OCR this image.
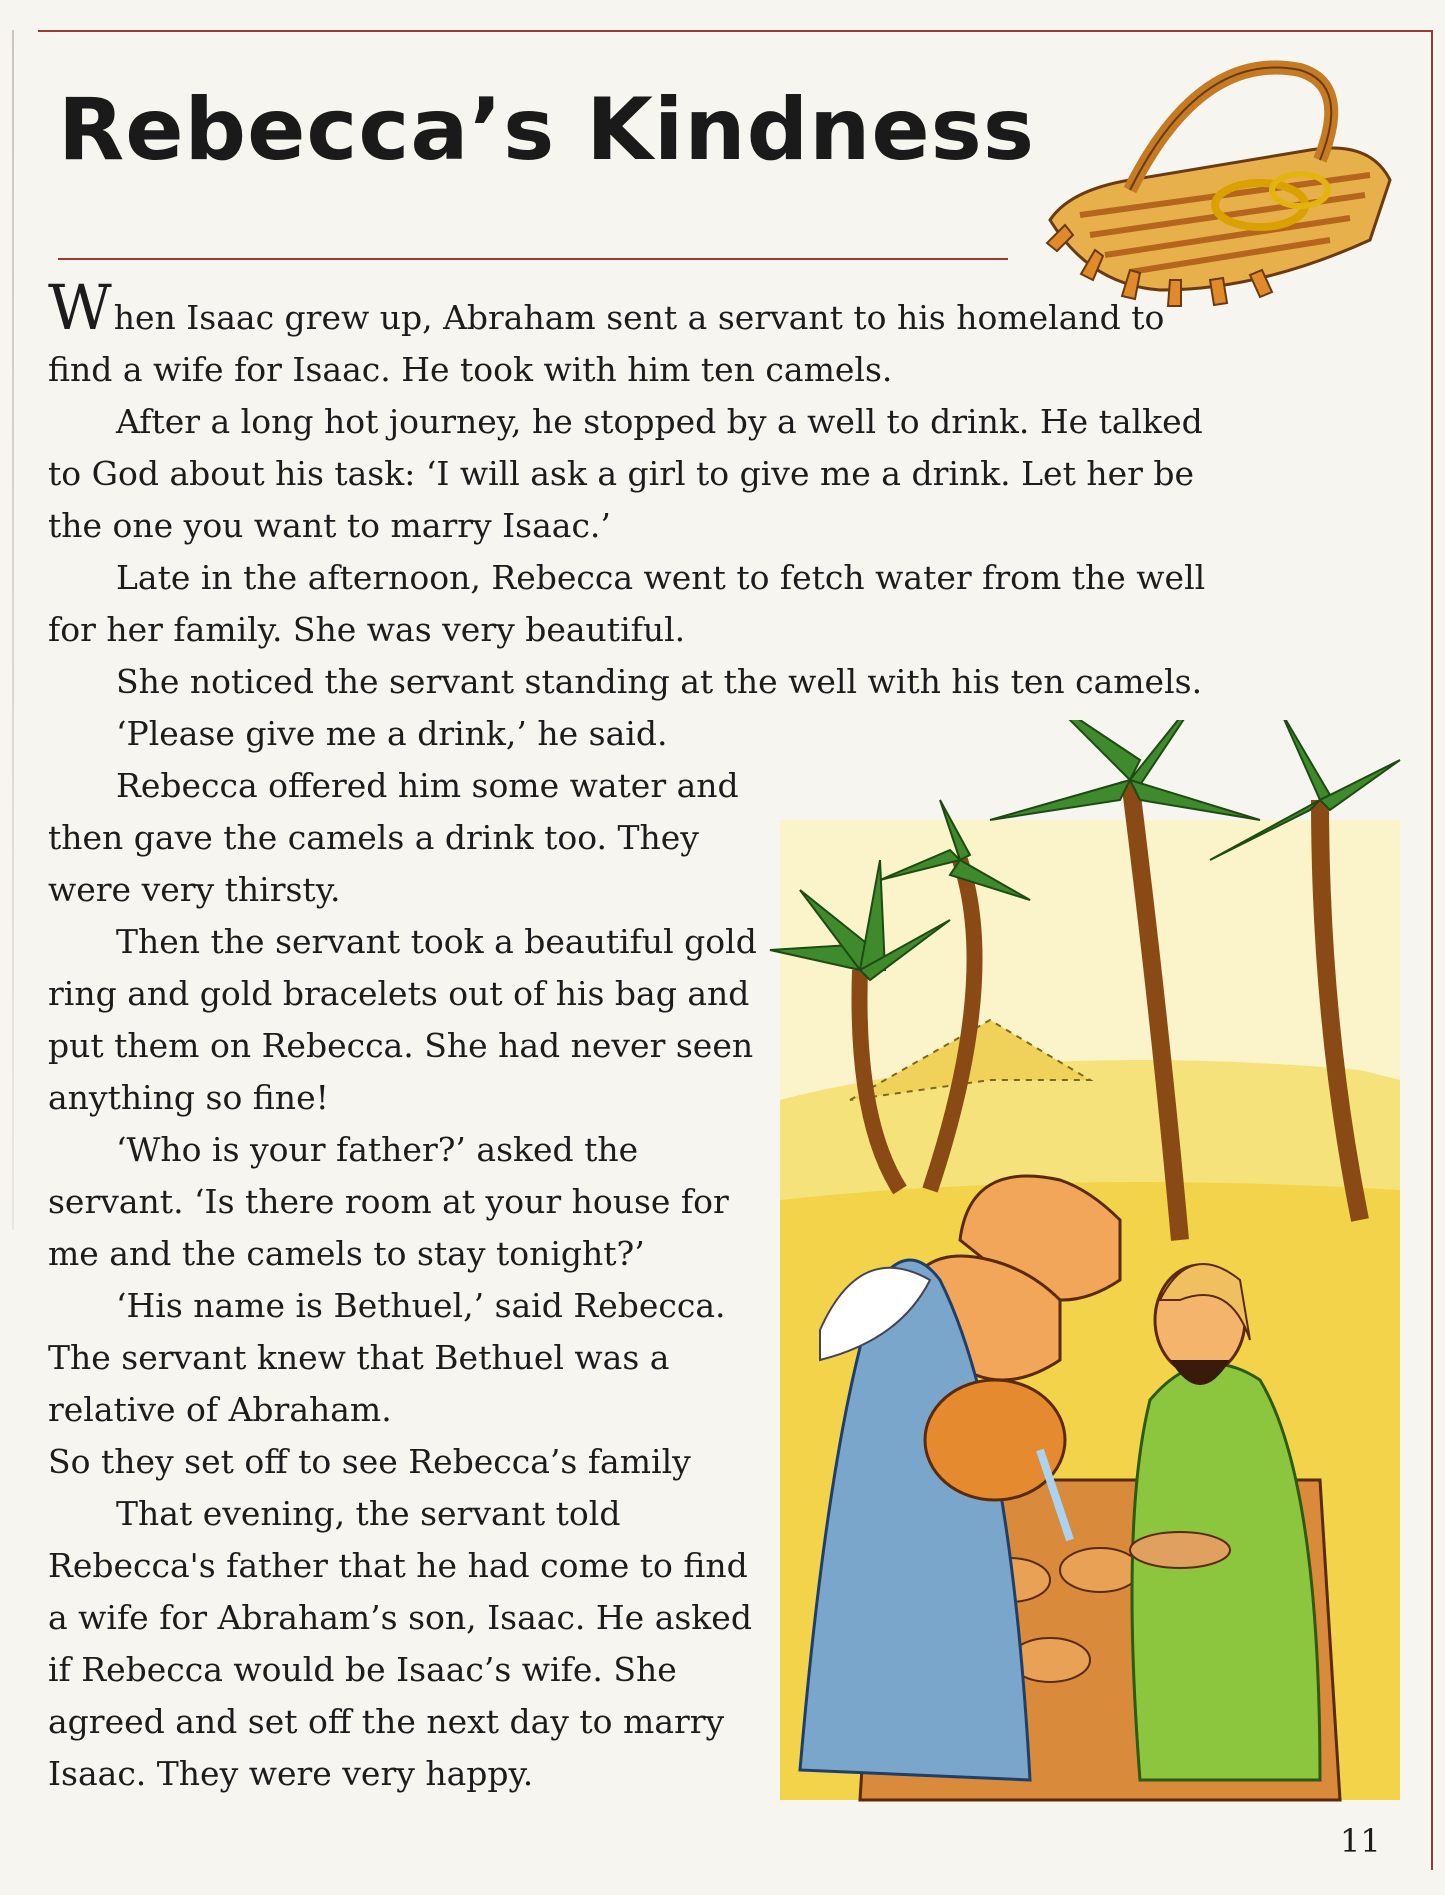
Rebecca’s Kindness

When Isaac grew up, Abraham sent a servant to his homeland to find a wife for Isaac. He took with him ten camels.

After a long hot journey, he stopped by a well to drink. He talked to God about his task: ‘I will ask a girl to give me a drink. Let her be the one you want to marry Isaac.’

Late in the afternoon, Rebecca went to fetch water from the well for her family. She was very beautiful.

She noticed the servant standing at the well with his ten camels.

‘Please give me a drink,’ he said.

Rebecca offered him some water and then gave the camels a drink too. They were very thirsty.

Then the servant took a beautiful gold ring and gold bracelets out of his bag and put them on Rebecca. She had never seen anything so fine!

‘Who is your father?’ asked the servant. ‘Is there room at your house for me and the camels to stay tonight?’

‘His name is Bethuel,’ said Rebecca. The servant knew that Bethuel was a relative of Abraham.

So they set off to see Rebecca’s family

That evening, the servant told Rebecca's father that he had come to find a wife for Abraham’s son, Isaac. He asked if Rebecca would be Isaac’s wife. She agreed and set off the next day to marry Isaac. They were very happy.

11
